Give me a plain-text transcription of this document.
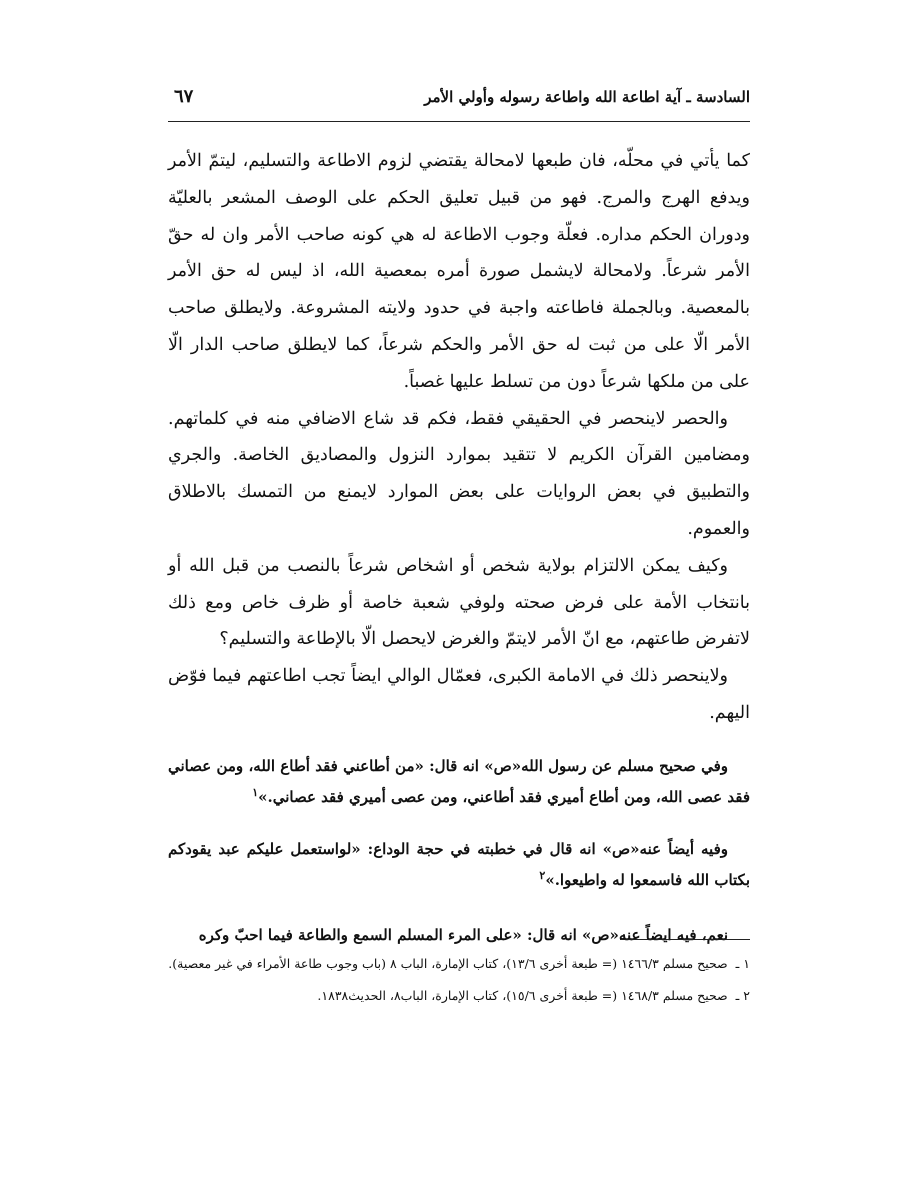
السادسة ـ آية اطاعة الله واطاعة رسوله وأولي الأمر
٦٧

كما يأتي في محلّه، فان طبعها لامحالة يقتضي لزوم الاطاعة والتسليم، ليتمّ الأمر ويدفع الهرج والمرج. فهو من قبيل تعليق الحكم على الوصف المشعر بالعليّة ودوران الحكم مداره. فعلّة وجوب الاطاعة له هي كونه صاحب الأمر وان له حقّ الأمر شرعاً. ولامحالة لايشمل صورة أمره بمعصية الله، اذ ليس له حق الأمر بالمعصية. وبالجملة فاطاعته واجبة في حدود ولايته المشروعة. ولايطلق صاحب الأمر الّا على من ثبت له حق الأمر والحكم شرعاً، كما لايطلق صاحب الدار الّا على من ملكها شرعاً دون من تسلط عليها غصباً.

والحصر لاينحصر في الحقيقي فقط، فكم قد شاع الاضافي منه في كلماتهم. ومضامين القرآن الكريم لا تتقيد بموارد النزول والمصاديق الخاصة. والجري والتطبيق في بعض الروايات على بعض الموارد لايمنع من التمسك بالاطلاق والعموم.

وكيف يمكن الالتزام بولاية شخص أو اشخاص شرعاً بالنصب من قبل الله أو بانتخاب الأمة على فرض صحته ولوفي شعبة خاصة أو ظرف خاص ومع ذلك لاتفرض طاعتهم، مع انّ الأمر لايتمّ والغرض لايحصل الّا بالإطاعة والتسليم؟

ولاينحصر ذلك في الامامة الكبرى، فعمّال الوالي ايضاً تجب اطاعتهم فيما فوّض اليهم.

وفي صحيح مسلم عن رسول الله«ص» انه قال: «من أطاعني فقد أطاع الله، ومن عصاني فقد عصى الله، ومن أطاع أميري فقد أطاعني، ومن عصى أميري فقد عصاني.»$^١$

وفيه أيضاً عنه«ص» انه قال في خطبته في حجة الوداع: «لواستعمل عليكم عبد يقودكم بكتاب الله فاسمعوا له واطيعوا.»$^٢$

نعم، فيه ايضاً عنه«ص» انه قال: «على المرء المسلم السمع والطاعة فيما احبّ وكره

١ ـ صحيح مسلم ١٤٦٦/٣ (= طبعة أخرى ١٣/٦)، كتاب الإمارة، الباب ٨ (باب وجوب طاعة الأمراء في غير معصية).

٢ ـ صحيح مسلم ١٤٦٨/٣ (= طبعة أخرى ١٥/٦)، كتاب الإمارة، الباب٨، الحديث١٨٣٨.
